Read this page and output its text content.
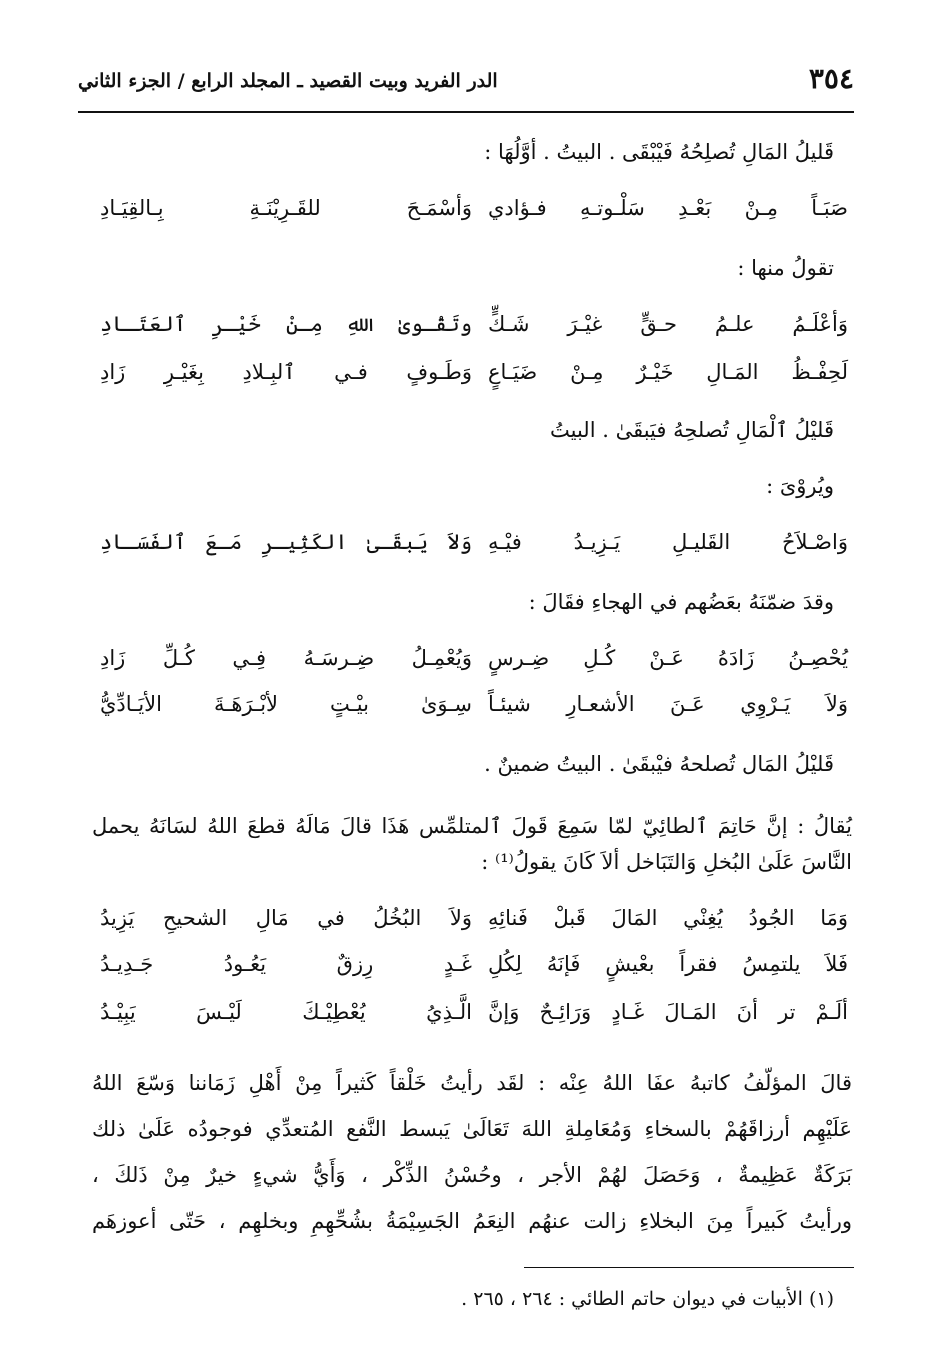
٣٥٤
الدر الفريد وبيت القصيد ـ المجلد الرابع / الجزء الثاني
قَليلُ المَالِ تُصلِحُهُ فَيْبْقَى . البيتُ . أوَّلُهَا :
صَبَـاً مِـنْ بَعْـدِ سَلْـوتـهِ فـؤادي
وَأسْمَـحَ للقَـرِيْنَـةِ بِـالقِيَـادِ
تقولُ منها :
وَأعْلَـمُ علـمُ حـقٍّ غيْـرَ شَـكٍّ
وتَقْـوىٰ اللهِ مِـنْ خَيْـرِ ٱلعَتَـادِ
لَحِفْـظُ المَـالِ خَيْـرٌ مِـنْ ضَيَـاعٍ
وَطَـوفٍ فـي ٱلبِـلادِ بِغَيْـرِ زَادِ
قَليْلُ ٱلْمَالِ تُصلحِهُ فيَبقَىٰ . البيتُ
ويُروْىَ :
وَاصْـلاَحُ القَليـلِ يَـزِيـدُ فيْـهِ
وَلاَ يَبقَـىٰ الكَثِيـرِ مَـعَ ٱلفَسَـادِ
وقدَ ضمّنَهُ بعَضُهم في الهجاءِ فقَالَ :
يُحْصِـنُ زَادَهُ عَـنْ كُـلِ ضِـرسٍ
وَيُعْمِـلُ ضِـرسَـهُ فِـي كُـلِّ زَادِ
وَلاَ يَـرْوِي عَـنَ الأشعـارِ شيئـاً
سِـوَىٰ بيْـتٍ لأبْـرَهَـةَ الأيَـادِّيُّ
قَليْلُ المَال تُصلحهُ فيْبقَىٰ . البيتُ ضمينٌ .

يُقالُ : إنَّ حَاتِمَ ٱلطائِيّ لمّا سَمِعَ قَولَ ٱلمتلمِّس هَذَا قالَ مَالَهُ قطعَ اللهُ لسَانَهُ يحمل

النَّاسَ عَلَىٰ البُخلِ وَالتَبَاخل ألاَ كَانَ يقولُ⁽¹⁾ :

وَمَا الجُودُ يُغِنْي المَالَ قَبلْ فَنائِهِ
وَلاَ البُخُلُ في مَالِ الشحيحِ يَزِيدُ
فَلاَ يلتمِسُ فقراً بعْيشٍ فَإنَهُ لِكُلِ
غَـدٍ رِزقٌ يَعُـودُ جَـدِيـدُ
ألَـمْ تر أنَ المَـالَ غَـادٍ وَرَائِـحٌ وَإنَّ
الَّـذِيُ يُعْطِيْـكَ لَيْـسَ يَبِيْـدُ

قالَ المؤلّفُ كاتبهُ عفَا اللهُ عِنْه : لقَد رأيتُ خَلْقاً كَثيراً مِنْ أَهْلِ زَمَاننا وَسّعَ اللهُ

عَلَيْهِم أرزاقَهُمْ بالسخاءِ وَمُعَامِلةِ اللهَ تَعَالَىٰ يَبسط النَّفع المُتعدِّي فوجودُه عَلَىٰ ذلك

بَرَكَةٌ عَظِيمةٌ ، وَحَصَلَ لهُمْ الأجر ، وحُسْنُ الذِّكْر ، وَأَيُّ شيءٍ خيرٌ مِنْ ذَلكَ ،

ورأيتُ كَبيراً مِنَ البخلاءِ زالت عنهُم النِعَمُ الجَسِيْمَةُ بشُحِّهِمِ وبخلهِم ، حَتّى أعوزهَم

(١) الأبيات في ديوان حاتم الطائي : ٢٦٤ ، ٢٦٥ .
